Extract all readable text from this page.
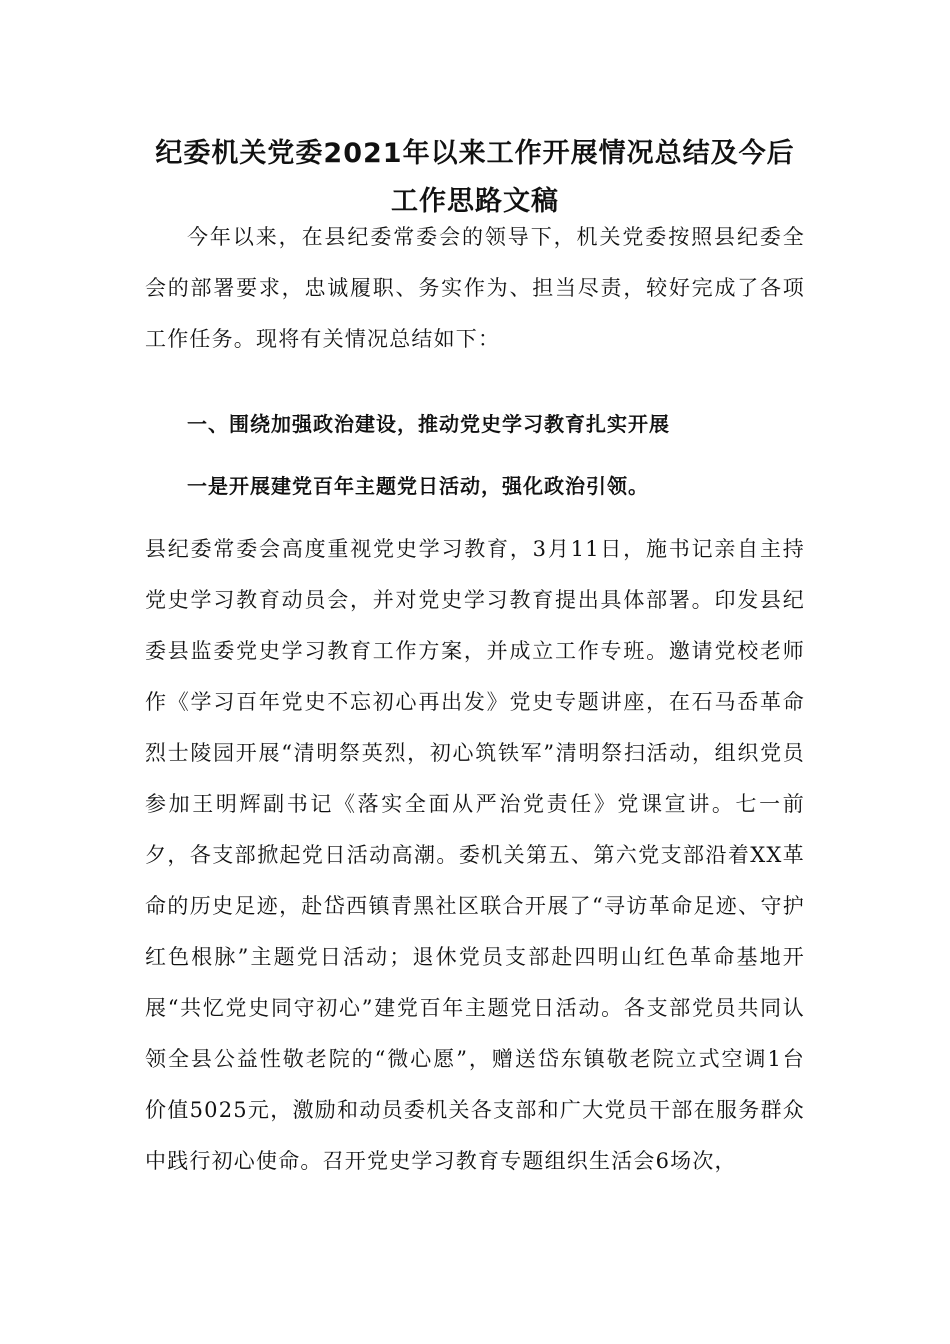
纪委机关党委2021年以来工作开展情况总结及今后
工作思路文稿
今年以来，在县纪委常委会的领导下，机关党委按照县纪委全会的部署要求，忠诚履职、务实作为、担当尽责，较好完成了各项工作任务。现将有关情况总结如下：
一、围绕加强政治建设，推动党史学习教育扎实开展
一是开展建党百年主题党日活动，强化政治引领。
县纪委常委会高度重视党史学习教育，3月11日，施书记亲自主持党史学习教育动员会，并对党史学习教育提出具体部署。印发县纪委县监委党史学习教育工作方案，并成立工作专班。邀请党校老师作《学习百年党史不忘初心再出发》党史专题讲座，在石马岙革命烈士陵园开展“清明祭英烈，初心筑铁军”清明祭扫活动，组织党员参加王明辉副书记《落实全面从严治党责任》党课宣讲。七一前夕，各支部掀起党日活动高潮。委机关第五、第六党支部沿着XX革命的历史足迹，赴岱西镇青黑社区联合开展了“寻访革命足迹、守护红色根脉”主题党日活动；退休党员支部赴四明山红色革命基地开展“共忆党史同守初心”建党百年主题党日活动。各支部党员共同认领全县公益性敬老院的“微心愿”，赠送岱东镇敬老院立式空调1台价值5025元，激励和动员委机关各支部和广大党员干部在服务群众中践行初心使命。召开党史学习教育专题组织生活会6场次，
